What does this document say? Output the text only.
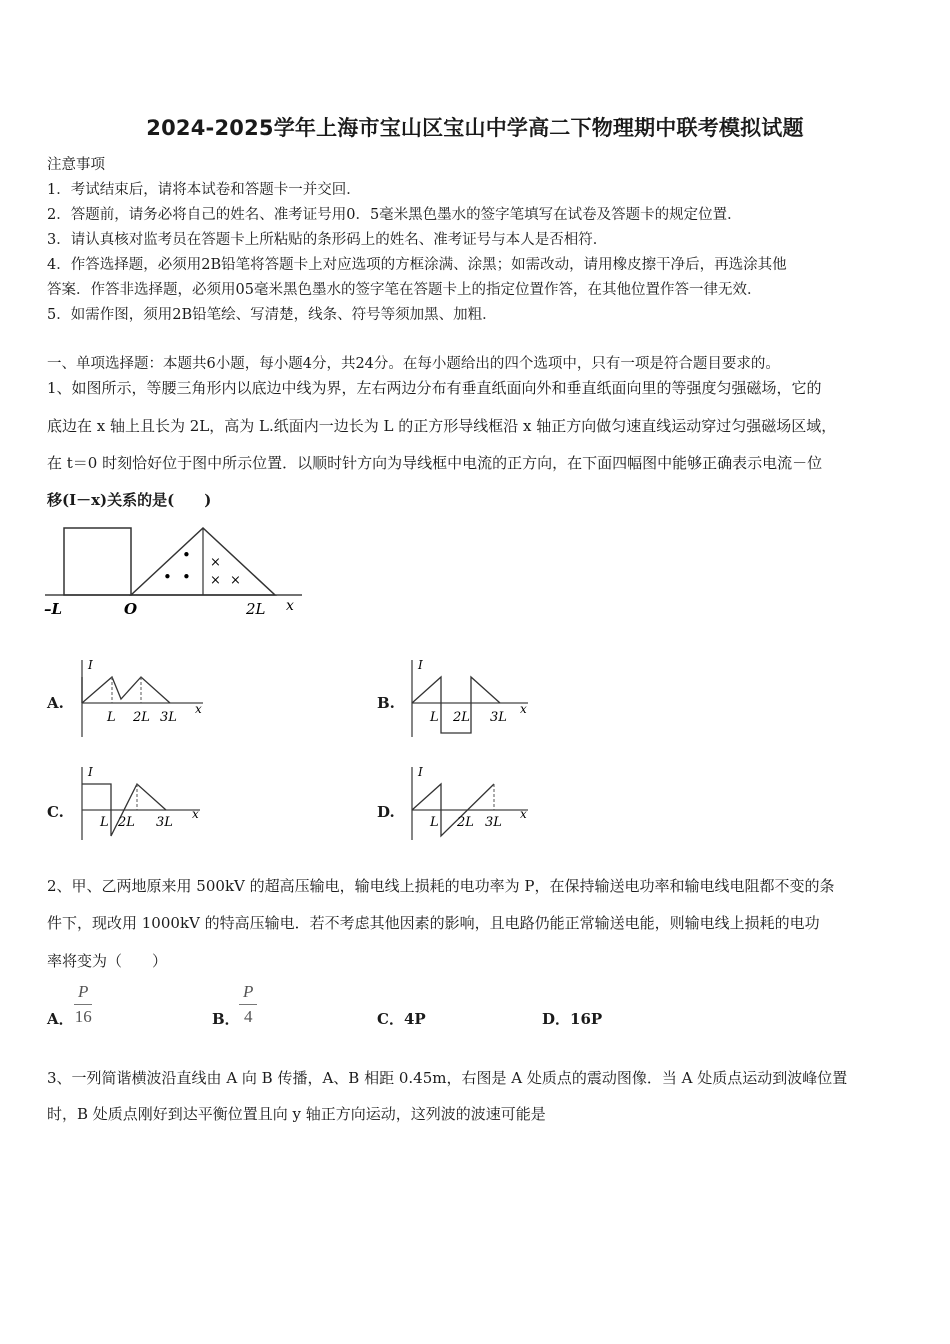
2024-2025学年上海市宝山区宝山中学高二下物理期中联考模拟试题
注意事项
1．考试结束后，请将本试卷和答题卡一并交回．
2．答题前，请务必将自己的姓名、准考证号用0．5毫米黑色墨水的签字笔填写在试卷及答题卡的规定位置．
3．请认真核对监考员在答题卡上所粘贴的条形码上的姓名、准考证号与本人是否相符．
4．作答选择题，必须用2B铅笔将答题卡上对应选项的方框涂满、涂黑；如需改动，请用橡皮擦干净后，再选涂其他
答案．作答非选择题，必须用05毫米黑色墨水的签字笔在答题卡上的指定位置作答，在其他位置作答一律无效．
5．如需作图，须用2B铅笔绘、写清楚，线条、符号等须加黑、加粗．
一、单项选择题：本题共6小题，每小题4分，共24分。在每小题给出的四个选项中，只有一项是符合题目要求的。
1、如图所示，等腰三角形内以底边中线为界，左右两边分布有垂直纸面向外和垂直纸面向里的等强度匀强磁场，它的
底边在 x 轴上且长为 2L，高为 L.纸面内一边长为 L 的正方形导线框沿 x 轴正方向做匀速直线运动穿过匀强磁场区域，
在 t＝0 时刻恰好位于图中所示位置．以顺时针方向为导线框中电流的正方向，在下面四幅图中能够正确表示电流－位
移(I－x)关系的是(　　)
•
• •
×
× ×
–L	O	2L x
A.
I
x
L 2L 3L
B.
I
x
L 2L 3L
C.
I
x
L 2L 3L
D.
I
x
L 2L 3L
2、甲、乙两地原来用 500kV 的超高压输电，输电线上损耗的电功率为 P，在保持输送电功率和输电线电阻都不变的条
件下，现改用 1000kV 的特高压输电．若不考虑其他因素的影响，且电路仍能正常输送电能，则输电线上损耗的电功
率将变为（　　）
A．
P
16	B．
P
4	C．4P	D．16P
3、一列简谐横波沿直线由 A 向 B 传播，A、B 相距 0.45m，右图是 A 处质点的震动图像．当 A 处质点运动到波峰位置
时，B 处质点刚好到达平衡位置且向 y 轴正方向运动，这列波的波速可能是
